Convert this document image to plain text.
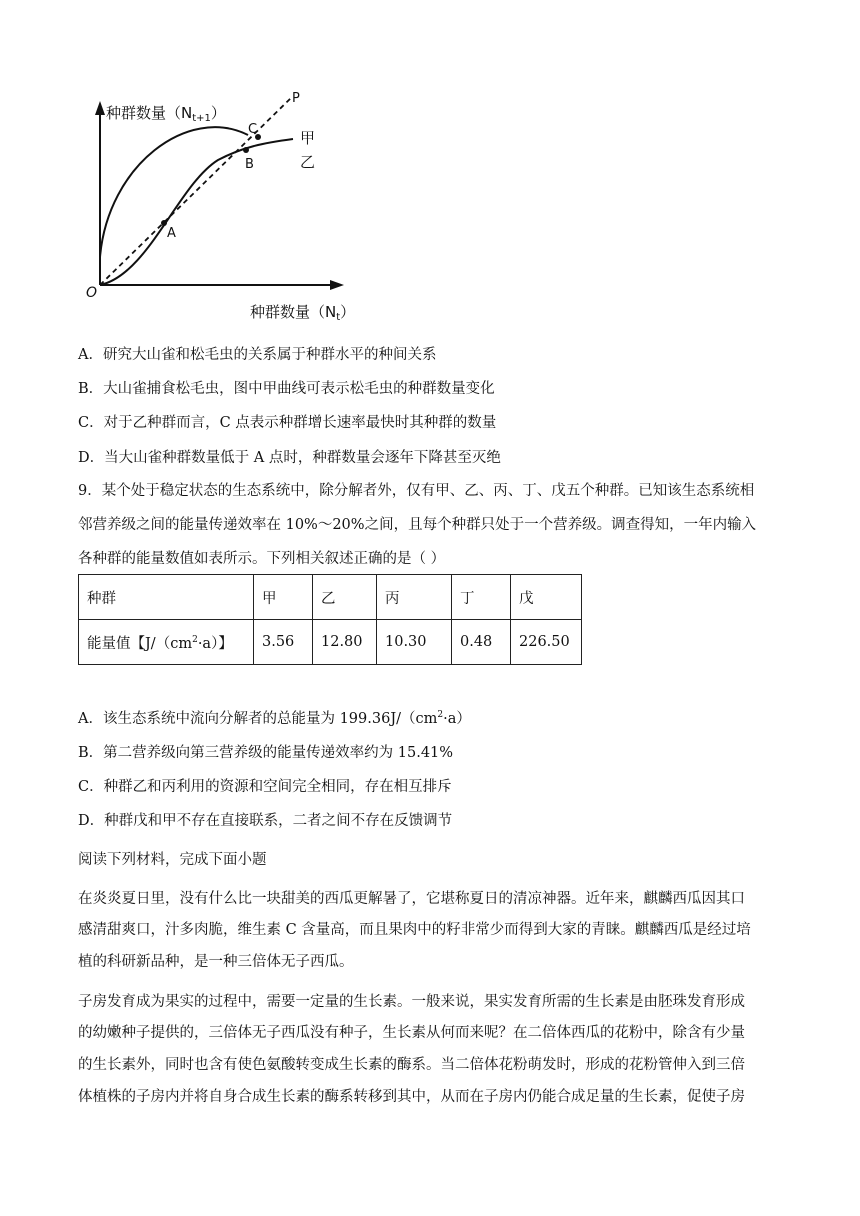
种群数量$(N_{t+1})$
种群数量$(N_t)$
O
P
C
B
A
甲
乙
A．研究大山雀和松毛虫的关系属于种群水平的种间关系
B．大山雀捕食松毛虫，图中甲曲线可表示松毛虫的种群数量变化
C．对于乙种群而言，C 点表示种群增长速率最快时其种群的数量
D．当大山雀种群数量低于 A 点时，种群数量会逐年下降甚至灭绝
9．某个处于稳定状态的生态系统中，除分解者外，仅有甲、乙、丙、丁、戊五个种群。已知该生态系统相
邻营养级之间的能量传递效率在 10%～20%之间，且每个种群只处于一个营养级。调查得知，一年内输入
各种群的能量数值如表所示。下列相关叙述正确的是（ ）
种群	甲	乙	丙	丁	戊
能量值【$J/(cm^2\cdot a)$】	3.56	12.80	10.30	0.48	226.50
A．该生态系统中流向分解者的总能量为 $199.36J/(cm^2\cdot a)$
B．第二营养级向第三营养级的能量传递效率约为 15.41%
C．种群乙和丙利用的资源和空间完全相同，存在相互排斥
D．种群戊和甲不存在直接联系，二者之间不存在反馈调节
阅读下列材料，完成下面小题
在炎炎夏日里，没有什么比一块甜美的西瓜更解暑了，它堪称夏日的清凉神器。近年来，麒麟西瓜因其口
感清甜爽口，汁多肉脆，维生素 C 含量高，而且果肉中的籽非常少而得到大家的青睐。麒麟西瓜是经过培
植的科研新品种，是一种三倍体无子西瓜。
子房发育成为果实的过程中，需要一定量的生长素。一般来说，果实发育所需的生长素是由胚珠发育形成
的幼嫩种子提供的，三倍体无子西瓜没有种子，生长素从何而来呢？在二倍体西瓜的花粉中，除含有少量
的生长素外，同时也含有使色氨酸转变成生长素的酶系。当二倍体花粉萌发时，形成的花粉管伸入到三倍
体植株的子房内并将自身合成生长素的酶系转移到其中，从而在子房内仍能合成足量的生长素，促使子房
